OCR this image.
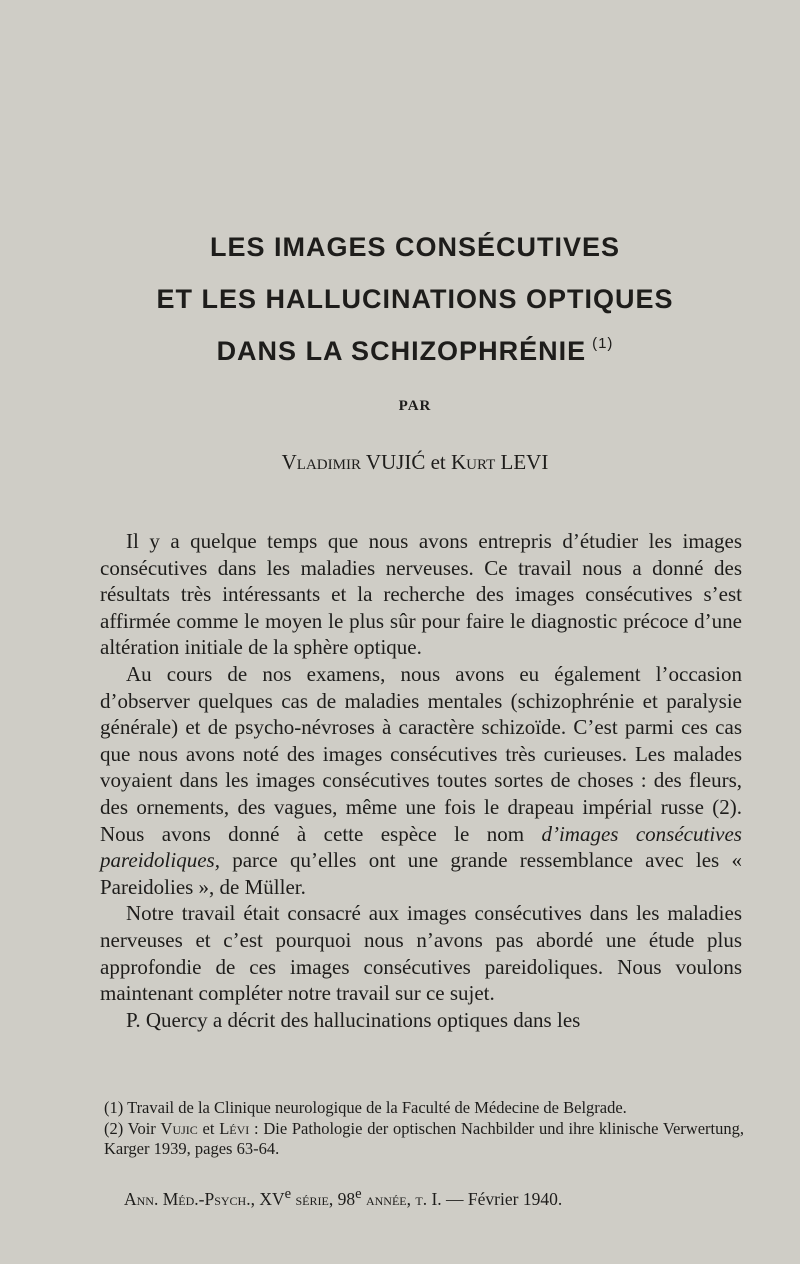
LES IMAGES CONSÉCUTIVES
ET LES HALLUCINATIONS OPTIQUES
DANS LA SCHIZOPHRÉNIE $^{(1)}$
PAR
Vladimir VUJIĆ et Kurt LEVI

Il y a quelque temps que nous avons entrepris d’étudier les images consécutives dans les maladies nerveuses. Ce travail nous a donné des résultats très intéressants et la recherche des images consécutives s’est affirmée comme le moyen le plus sûr pour faire le diagnostic précoce d’une altération initiale de la sphère optique.

Au cours de nos examens, nous avons eu également l’occasion d’observer quelques cas de maladies mentales (schizophrénie et paralysie générale) et de psycho-névroses à caractère schizoïde. C’est parmi ces cas que nous avons noté des images consécutives très curieuses. Les malades voyaient dans les images consécutives toutes sortes de choses : des fleurs, des ornements, des vagues, même une fois le drapeau impérial russe (2). Nous avons donné à cette espèce le nom d’images consécutives pareidoliques, parce qu’elles ont une grande ressemblance avec les « Pareidolies », de Müller.

Notre travail était consacré aux images consécutives dans les maladies nerveuses et c’est pourquoi nous n’avons pas abordé une étude plus approfondie de ces images consécutives pareidoliques. Nous voulons maintenant compléter notre travail sur ce sujet.

P. Quercy a décrit des hallucinations optiques dans les

(1) Travail de la Clinique neurologique de la Faculté de Médecine de Belgrade.

(2) Voir Vujic et Lévi : Die Pathologie der optischen Nachbilder und ihre klinische Verwertung, Karger 1939, pages 63-64.

Ann. Méd.-Psych., XVe série, 98e année, t. I. — Février 1940.
